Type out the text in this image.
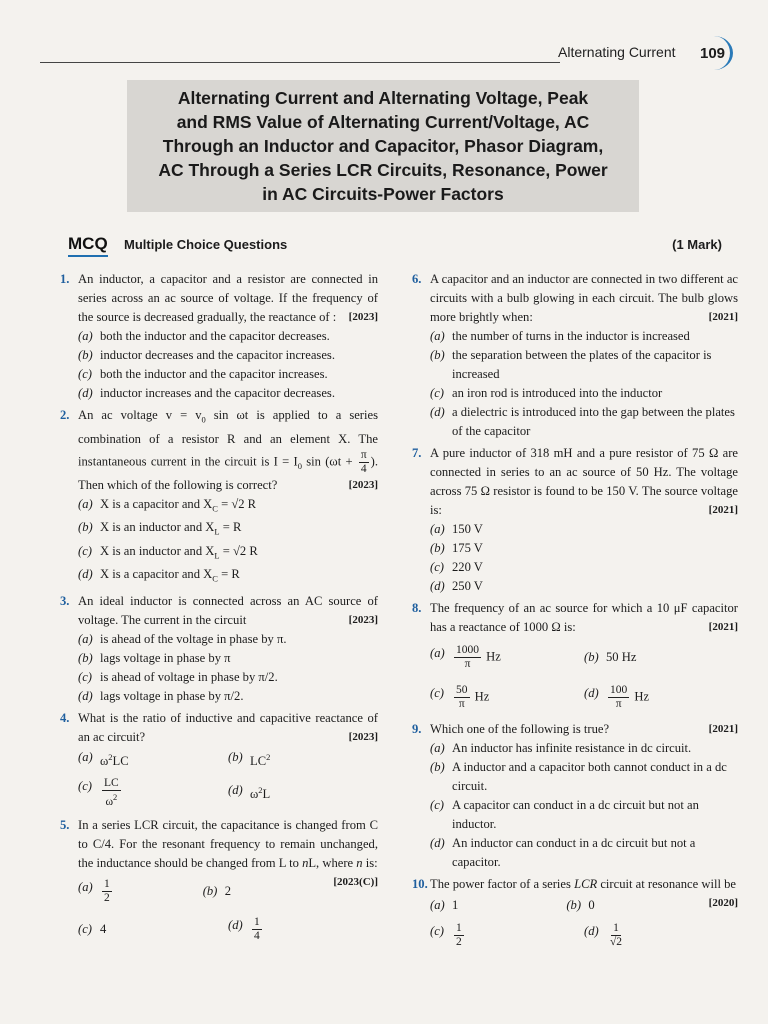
Alternating Current	109
Alternating Current and Alternating Voltage, Peak
and RMS Value of Alternating Current/Voltage, AC
Through an Inductor and Capacitor, Phasor Diagram,
AC Through a Series LCR Circuits, Resonance, Power
in AC Circuits-Power Factors
MCQ Multiple Choice Questions	(1 Mark)
1. An inductor, a capacitor and a resistor are connected in series across an ac source of voltage. If the frequency of the source is decreased gradually, the reactance of : [2023]
(a) both the inductor and the capacitor decreases.
(b) inductor decreases and the capacitor increases.
(c) both the inductor and the capacitor increases.
(d) inductor increases and the capacitor decreases.
2. An ac voltage $v = v_0$ sin ωt is applied to a series combination of a resistor R and an element X. The instantaneous current in the circuit is $I = I_0$ $\sin (\omega t + \frac{\pi}{4}$ ). Then which of the following is correct?	[2023]
(a) X is a capacitor and $X_C = √2$ R
(b) X is an inductor and $X_L = R$
(c) X is an inductor and $X_L = √2$ R
(d) X is a capacitor and $X_C = R$
3. An ideal inductor is connected across an AC source of voltage. The current in the circuit	[2023]
(a) is ahead of the voltage in phase by π.
(b) lags voltage in phase by π
(c) is ahead of voltage in phase by π/2.
(d) lags voltage in phase by π/2.
4. What is the ratio of inductive and capacitive reactance of an ac circuit?	[2023]
(a) $\omega^2LC$	(b) $LC^2$
$(c) \frac{LC}{\omega^2}$	(d) $\omega^2L$
5. In a series LCR circuit, the capacitance is changed from C to C/4. For the resonant frequency to remain unchanged, the inductance should be changed from L to nL, where n is:
[2023(C)]
$(a) \frac{1}{2}$	(b) 2
(c) 4	$(d) \frac{1}{4}$
6. A capacitor and an inductor are connected in two different ac circuits with a bulb glowing in each circuit. The bulb glows more brightly when:	[2021]
(a) the number of turns in the inductor is increased
(b) the separation between the plates of the capacitor is increased
(c) an iron rod is introduced into the inductor
(d) a dielectric is introduced into the gap between the plates of the capacitor
7. A pure inductor of 318 mH and a pure resistor of 75 Ω are connected in series to an ac source of 50 Hz. The voltage across 75 Ω resistor is found to be 150 V. The source voltage is:	[2021]
(a) 150 V
(b) 175 V
(c) 220 V
(d) 250 V
8. The frequency of an ac source for which a 10 μF capacitor has a reactance of 1000 Ω is:	[2021]
$(a) \frac{1000}{\pi}$ Hz	(b) 50 Hz
$(c) \frac{50}{\pi}$ Hz	$(d) \frac{100}{\pi}$ Hz
9. Which one of the following is true?	[2021]
(a) An inductor has infinite resistance in dc circuit.
(b) A inductor and a capacitor both cannot conduct in a dc circuit.
(c) A capacitor can conduct in a dc circuit but not an inductor.
(d) An inductor can conduct in a dc circuit but not a capacitor.
10. The power factor of a series LCR circuit at resonance will be
[2020]
(a) 1	(b) 0
$(c) \frac{1}{2}$	$(d) \frac{1}{√2}$
